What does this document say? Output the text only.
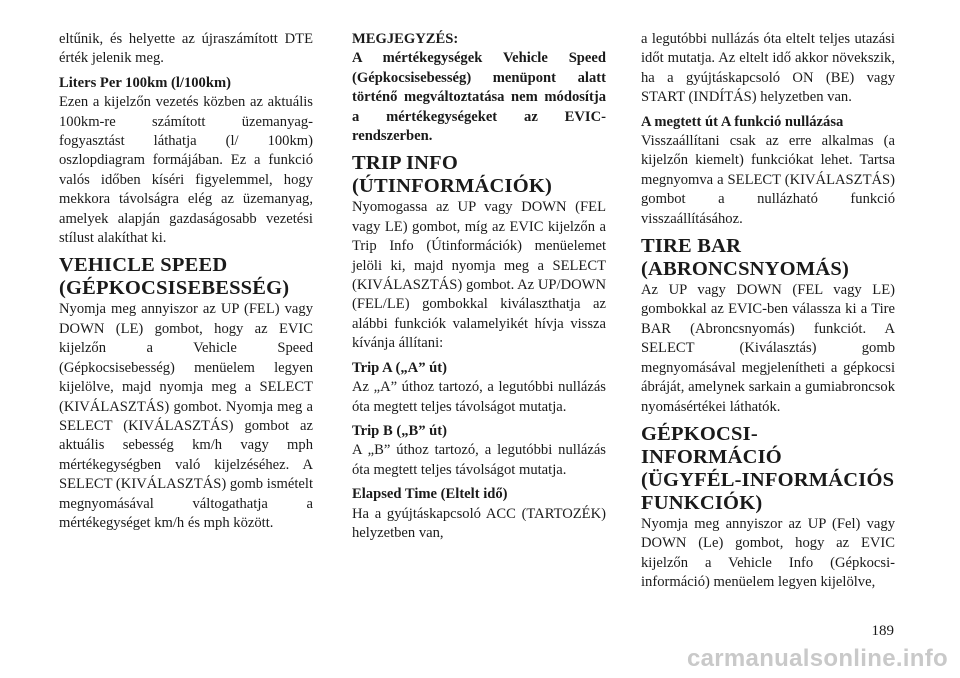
eltűnik, és helyette az újraszámított DTE érték jelenik meg.

Liters Per 100km (l/100km)

Ezen a kijelzőn vezetés közben az aktuális 100km-re számított üzemanyag-fogyasztást láthatja (l/ 100km) oszlopdiagram formájában. Ez a funkció valós időben kíséri figyelemmel, hogy mekkora távolságra elég az üzemanyag, amelyek alapján gazdaságosabb vezetési stílust alakíthat ki.

VEHICLE SPEED
(GÉPKOCSISEBESSÉG)

Nyomja meg annyiszor az UP (FEL) vagy DOWN (LE) gombot, hogy az EVIC kijelzőn a Vehicle Speed (Gépkocsisebesség) menüelem legyen kijelölve, majd nyomja meg a SELECT (KIVÁLASZTÁS) gombot. Nyomja meg a SELECT (KIVÁLASZTÁS) gombot az aktuális sebesség km/h vagy mph mértékegységben való kijelzéséhez. A SELECT (KIVÁLASZTÁS) gomb ismételt megnyomásával váltogathatja a mértékegységet km/h és mph között.

MEGJEGYZÉS:

A mértékegységek Vehicle Speed (Gépkocsisebesség) menüpont alatt történő megváltoztatása nem módosítja a mértékegységeket az EVIC-rendszerben.

TRIP INFO
(ÚTINFORMÁCIÓK)

Nyomogassa az UP vagy DOWN (FEL vagy LE) gombot, míg az EVIC kijelzőn a Trip Info (Útinformációk) menüelemet jelöli ki, majd nyomja meg a SELECT (KIVÁLASZTÁS) gombot. Az UP/DOWN (FEL/LE) gombokkal kiválaszthatja az alábbi funkciók valamelyikét hívja vissza kívánja állítani:

Trip A („A” út)

Az „A” úthoz tartozó, a legutóbbi nullázás óta megtett teljes távolságot mutatja.

Trip B („B” út)

A „B” úthoz tartozó, a legutóbbi nullázás óta megtett teljes távolságot mutatja.

Elapsed Time (Eltelt idő)

Ha a gyújtáskapcsoló ACC (TARTOZÉK) helyzetben van,

a legutóbbi nullázás óta eltelt teljes utazási időt mutatja. Az eltelt idő akkor növekszik, ha a gyújtáskapcsoló ON (BE) vagy START (INDÍTÁS) helyzetben van.

A megtett út A funkció nullázása

Visszaállítani csak az erre alkalmas (a kijelzőn kiemelt) funkciókat lehet. Tartsa megnyomva a SELECT (KIVÁLASZTÁS) gombot a nullázható funkció visszaállításához.

TIRE BAR
(ABRONCSNYOMÁS)

Az UP vagy DOWN (FEL vagy LE) gombokkal az EVIC-ben válassza ki a Tire BAR (Abroncsnyomás) funkciót. A SELECT (Kiválasztás) gomb megnyomásával megjelenítheti a gépkocsi ábráját, amelynek sarkain a gumiabroncsok nyomásértékei láthatók.

GÉPKOCSI-INFORMÁCIÓ
(ÜGYFÉL-INFORMÁCIÓS
FUNKCIÓK)

Nyomja meg annyiszor az UP (Fel) vagy DOWN (Le) gombot, hogy az EVIC kijelzőn a Vehicle Info (Gépkocsi-információ) menüelem legyen kijelölve,

189
carmanualsonline.info
